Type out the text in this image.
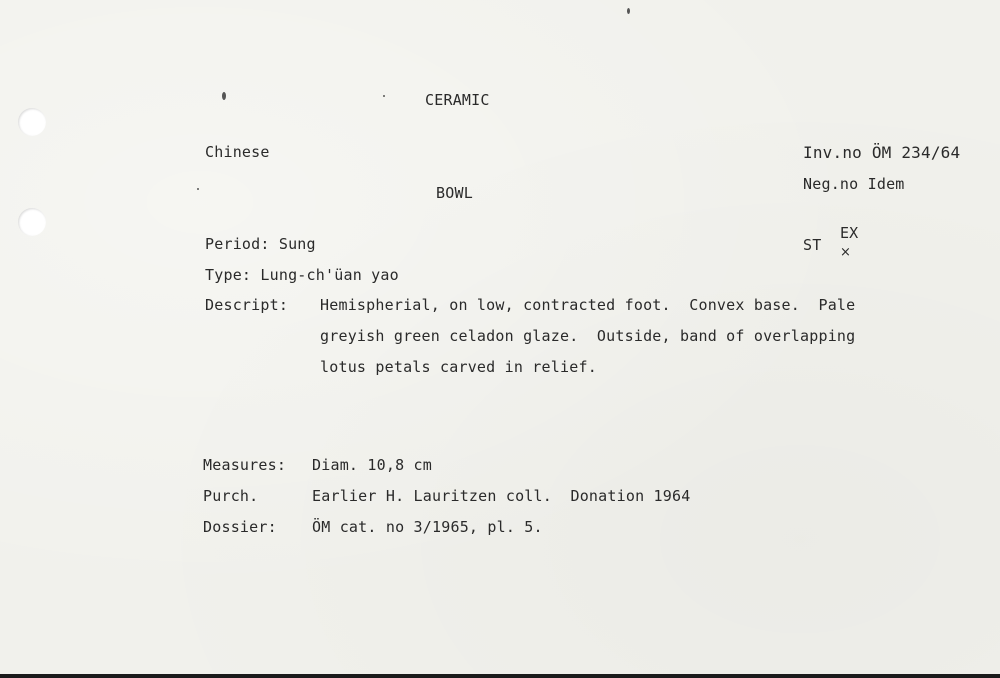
CERAMIC
Chinese	Inv.no ÖM 234/64
BOWL	Neg.no Idem

EX
×

Period: Sung	ST
Type: Lung-ch'üan yao
Descript: Hemispherial, on low, contracted foot.  Convex base.  Pale
greyish green celadon glaze.  Outside, band of overlapping
lotus petals carved in relief.
Measures: Diam. 10,8 cm
Purch.	Earlier H. Lauritzen coll.  Donation 1964
Dossier: ÖM cat. no 3/1965, pl. 5.
